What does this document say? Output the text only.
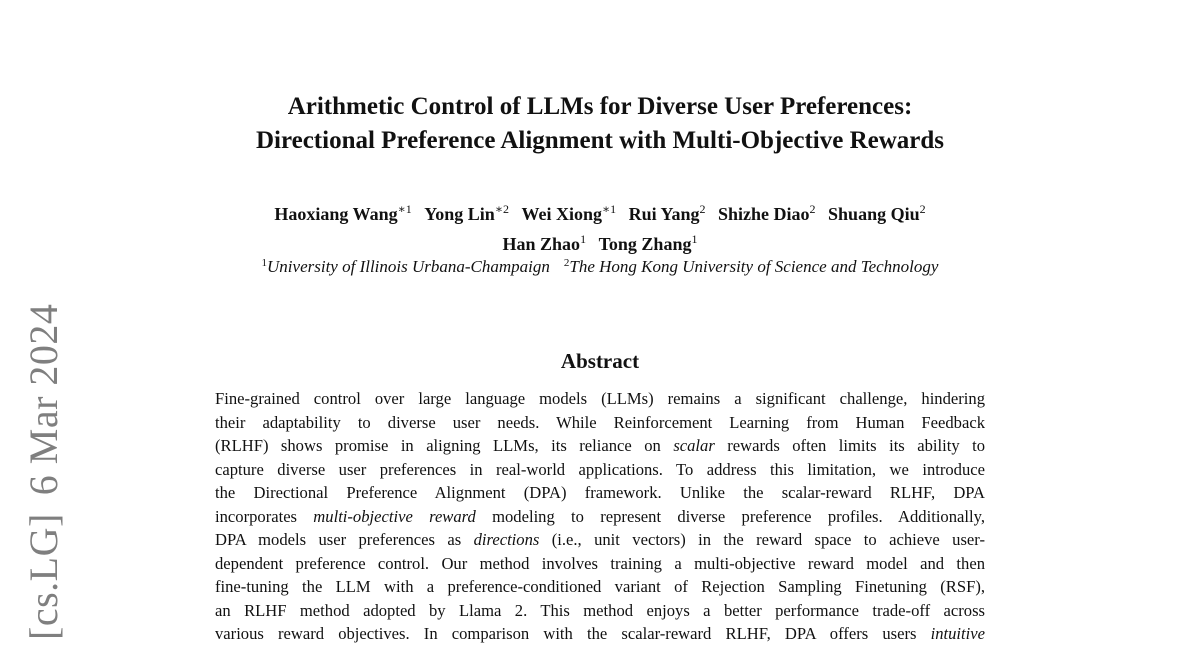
[cs.LG]6 Mar 2024
Arithmetic Control of LLMs for Diverse User Preferences:
Directional Preference Alignment with Multi-Objective Rewards
Haoxiang Wang$^{∗1}$ Yong Lin$^{∗2}$ Wei Xiong$^{∗1}$ Rui Yang$^2$ Shizhe Diao$^2$ Shuang Qiu$^2$
Han Zhao$^1$ Tong Zhang$^1$
$^1$University of Illinois Urbana-Champaign $^2$The Hong Kong University of Science and Technology
Abstract
Fine-grained control over large language models (LLMs) remains a significant challenge, hindering
their adaptability to diverse user needs. While Reinforcement Learning from Human Feedback
(RLHF) shows promise in aligning LLMs, its reliance on scalar rewards often limits its ability to
capture diverse user preferences in real-world applications. To address this limitation, we introduce
the Directional Preference Alignment (DPA) framework. Unlike the scalar-reward RLHF, DPA
incorporates multi-objective reward modeling to represent diverse preference profiles. Additionally,
DPA models user preferences as directions (i.e., unit vectors) in the reward space to achieve user-
dependent preference control. Our method involves training a multi-objective reward model and then
fine-tuning the LLM with a preference-conditioned variant of Rejection Sampling Finetuning (RSF),
an RLHF method adopted by Llama 2. This method enjoys a better performance trade-off across
various reward objectives. In comparison with the scalar-reward RLHF, DPA offers users intuitive
